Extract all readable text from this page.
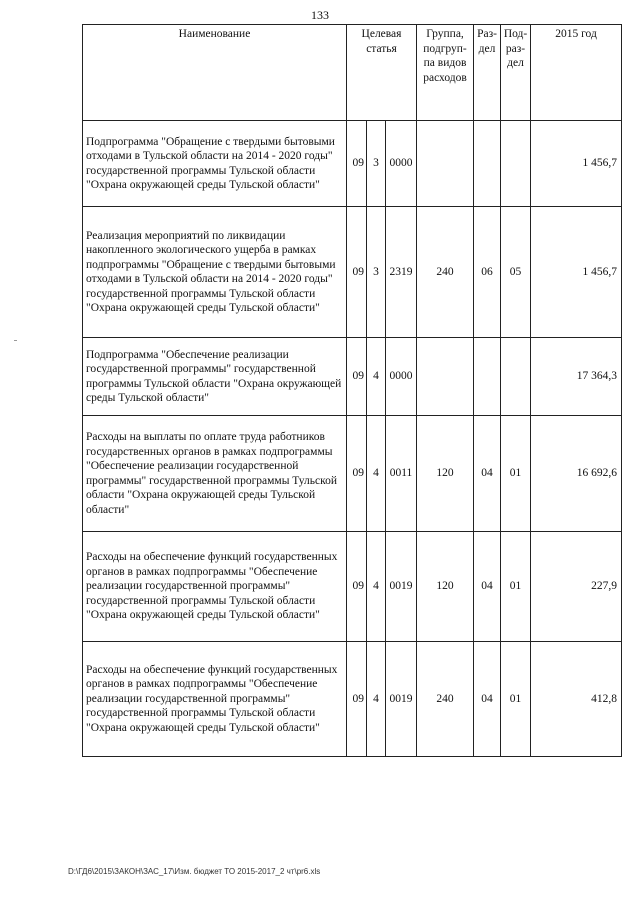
133
Наименование	Целевая статья			Группа, подгруп-па видов расходов	Раз-дел	Под-раз-дел	2015 год
Подпрограмма "Обращение с твердыми бытовыми отходами в Тульской области на 2014 - 2020 годы" государственной программы Тульской области "Охрана окружающей среды Тульской области"	09	3	0000				1 456,7
Реализация мероприятий по ликвидации накопленного экологического ущерба в рамках подпрограммы "Обращение с твердыми бытовыми отходами в Тульской области на 2014 - 2020 годы" государственной программы Тульской области "Охрана окружающей среды Тульской области"	09	3	2319	240	06	05	1 456,7
Подпрограмма "Обеспечение реализации государственной программы" государственной программы Тульской области "Охрана окружающей среды Тульской области"	09	4	0000				17 364,3
Расходы на выплаты по оплате труда работников государственных органов в рамках подпрограммы "Обеспечение реализации государственной программы" государственной программы Тульской области "Охрана окружающей среды Тульской области"	09	4	0011	120	04	01	16 692,6
Расходы на обеспечение функций государственных органов в рамках подпрограммы "Обеспечение реализации государственной программы" государственной программы Тульской области "Охрана окружающей среды Тульской области"	09	4	0019	120	04	01	227,9
Расходы на обеспечение функций государственных органов в рамках подпрограммы "Обеспечение реализации государственной программы" государственной программы Тульской области "Охрана окружающей среды Тульской области"	09	4	0019	240	04	01	412,8
D:\ГД6\2015\ЗАКОН\ЗАС_17\Изм. бюджет ТО 2015-2017_2 чт\pr6.xls
